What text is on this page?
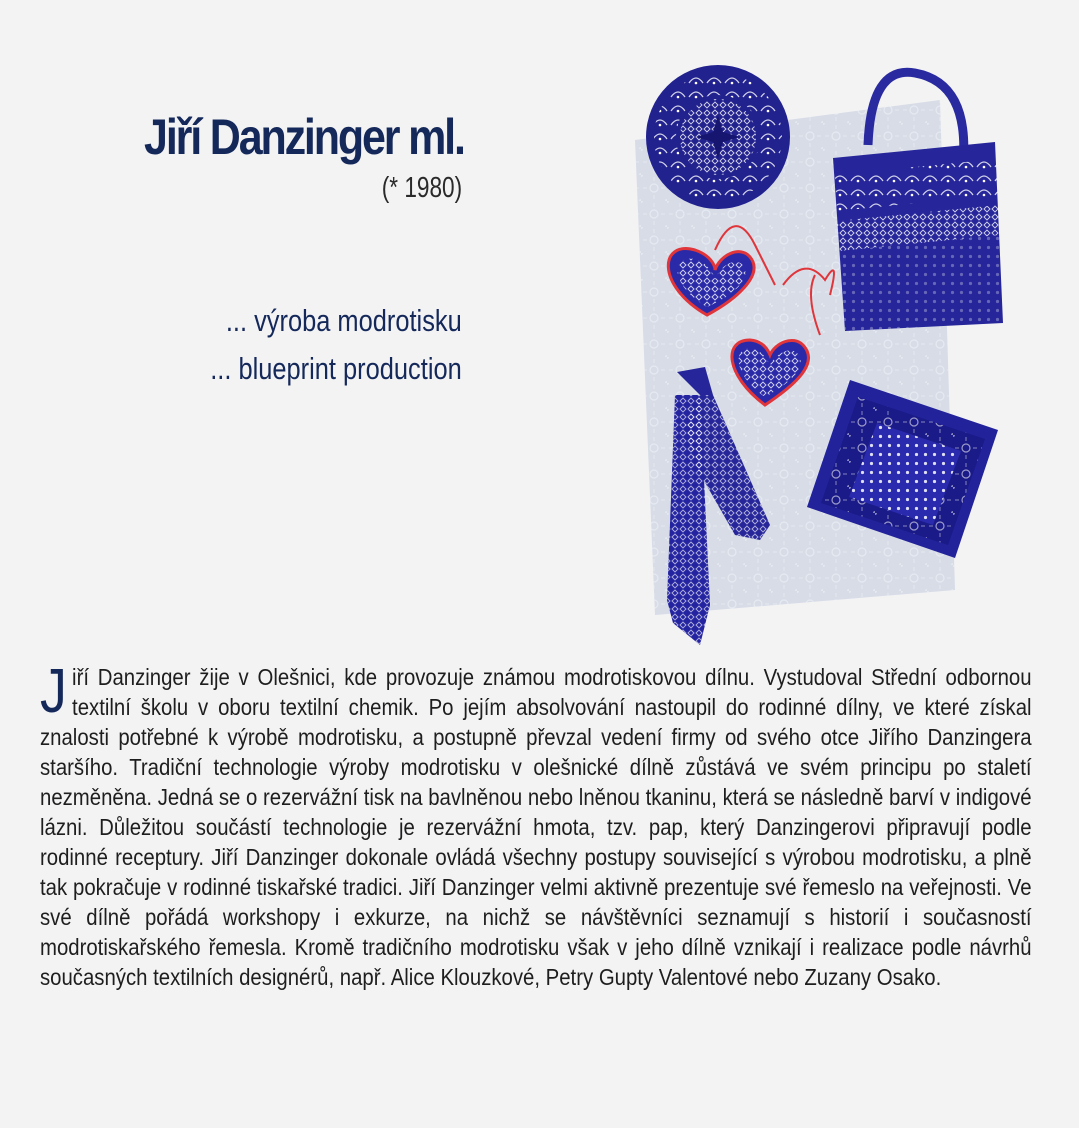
Jiří Danzinger ml.
(* 1980)
... výroba modrotisku
... blueprint production

Jiří Danzinger žije v Olešnici, kde provozuje známou modrotiskovou dílnu. Vystudoval Střední odbornou textilní školu v oboru textilní chemik. Po jejím absolvování nastoupil do rodinné dílny, ve které získal znalosti potřebné k výrobě modrotisku, a postupně převzal vedení firmy od svého otce Jiřího Danzingera staršího. Tradiční technologie výroby modrotisku v olešnické dílně zůstává ve svém principu po staletí nezměněna. Jedná se o rezervážní tisk na bavlněnou nebo lněnou tkaninu, která se následně barví v indigové lázni. Důležitou součástí technologie je rezervážní hmota, tzv. pap, který Danzingerovi připravují podle rodinné receptury. Jiří Danzinger dokonale ovládá všechny postupy související s výrobou modrotisku, a plně tak pokračuje v rodinné tiskařské tradici. Jiří Danzinger velmi aktivně prezentuje své řemeslo na veřejnosti. Ve své dílně pořádá workshopy i exkurze, na nichž se návštěvníci seznamují s historií i současností modrotiskařského řemesla. Kromě tradičního modrotisku však v jeho dílně vznikají i realizace podle návrhů současných textilních designérů, např. Alice Klouzkové, Petry Gupty Valentové nebo Zuzany Osako.
